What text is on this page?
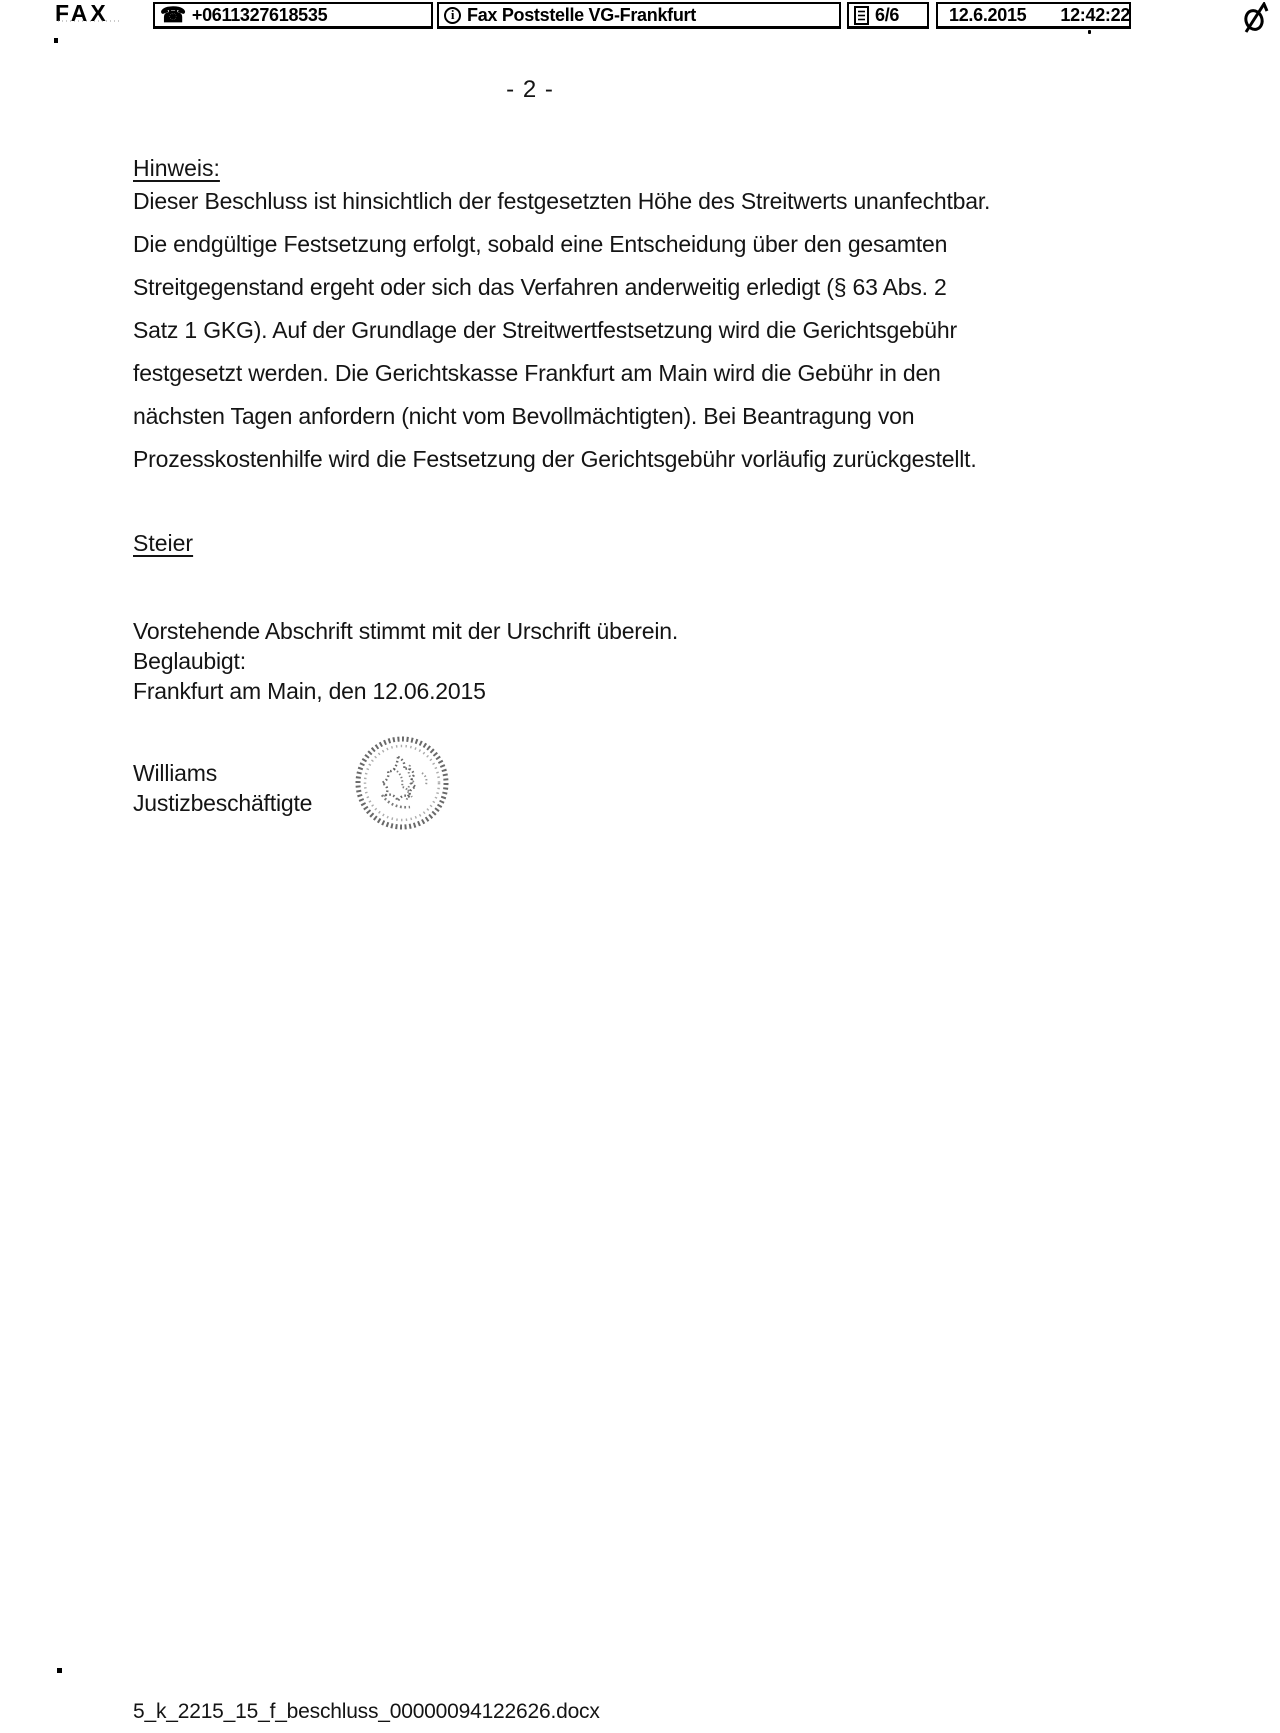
FAX ☎ +0611327618535	i Fax Poststelle VG-Frankfurt	6/6	12.6.2015 12:42:22
- 2 -
Hinweis:
Dieser Beschluss ist hinsichtlich der festgesetzten Höhe des Streitwerts unanfechtbar.
Die endgültige Festsetzung erfolgt, sobald eine Entscheidung über den gesamten
Streitgegenstand ergeht oder sich das Verfahren anderweitig erledigt (§ 63 Abs. 2
Satz 1 GKG). Auf der Grundlage der Streitwertfestsetzung wird die Gerichtsgebühr
festgesetzt werden. Die Gerichtskasse Frankfurt am Main wird die Gebühr in den
nächsten Tagen anfordern (nicht vom Bevollmächtigten). Bei Beantragung von
Prozesskostenhilfe wird die Festsetzung der Gerichtsgebühr vorläufig zurückgestellt.
Steier
Vorstehende Abschrift stimmt mit der Urschrift überein.
Beglaubigt:
Frankfurt am Main, den 12.06.2015
Williams
Justizbeschäftigte
5_k_2215_15_f_beschluss_00000094122626.docx
